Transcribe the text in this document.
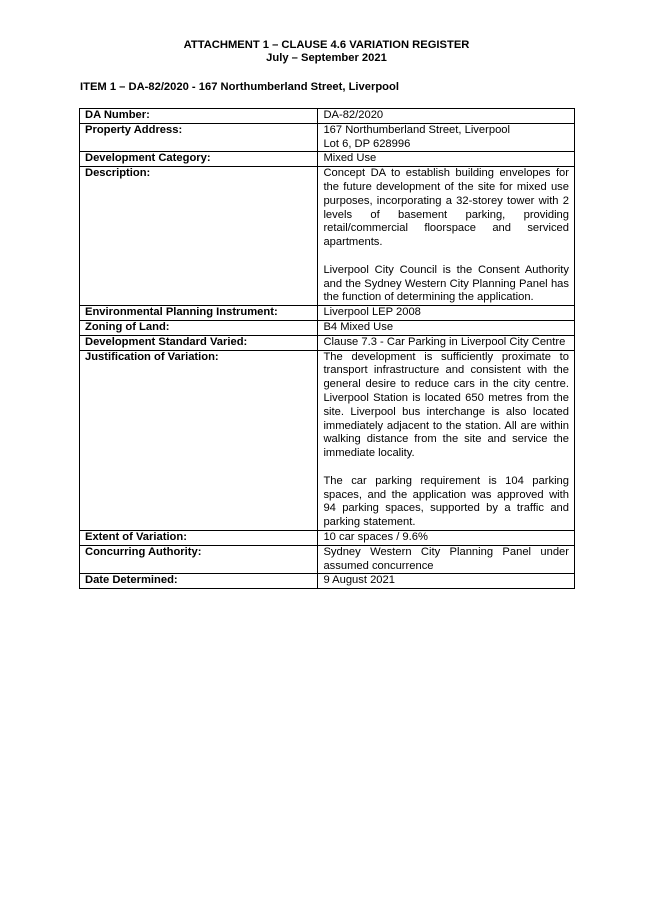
ATTACHMENT 1 – CLAUSE 4.6 VARIATION REGISTER
July – September 2021
ITEM 1 – DA-82/2020 - 167 Northumberland Street, Liverpool
DA Number:	DA-82/2020
Property Address:	167 Northumberland Street, Liverpool
Lot 6, DP 628996

Development Category:	Mixed Use
Description:	Concept DA to establish building envelopes for the future development of the site for mixed use purposes, incorporating a 32-storey tower with 2 levels of basement parking, providing retail/commercial floorspace and serviced apartments.
Liverpool City Council is the Consent Authority and the Sydney Western City Planning Panel has the function of determining the application.

Environmental Planning Instrument:	Liverpool LEP 2008
Zoning of Land:	B4 Mixed Use
Development Standard Varied:	Clause 7.3 - Car Parking in Liverpool City Centre
Justification of Variation:	The development is sufficiently proximate to transport infrastructure and consistent with the general desire to reduce cars in the city centre. Liverpool Station is located 650 metres from the site. Liverpool bus interchange is also located immediately adjacent to the station. All are within walking distance from the site and service the immediate locality.
The car parking requirement is 104 parking spaces, and the application was approved with 94 parking spaces, supported by a traffic and parking statement.

Extent of Variation:	10 car spaces / 9.6%
Concurring Authority:	Sydney Western City Planning Panel under assumed concurrence
Date Determined:	9 August 2021
